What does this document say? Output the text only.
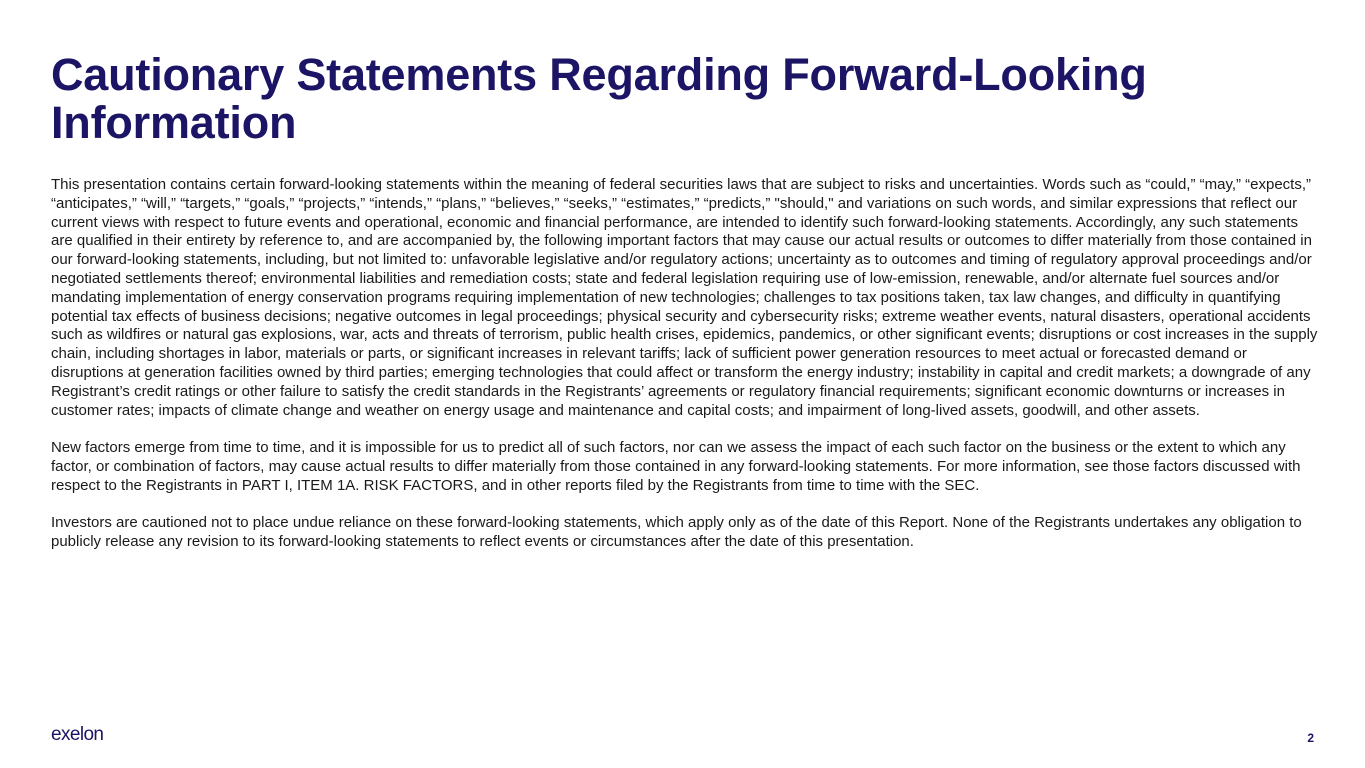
Cautionary Statements Regarding Forward-Looking Information

This presentation contains certain forward-looking statements within the meaning of federal securities laws that are subject to risks and uncertainties. Words such as “could,” “may,” “expects,” “anticipates,” “will,” “targets,” “goals,” “projects,” “intends,” “plans,” “believes,” “seeks,” “estimates,” “predicts,” "should," and variations on such words, and similar expressions that reflect our current views with respect to future events and operational, economic and financial performance, are intended to identify such forward-looking statements. Accordingly, any such statements are qualified in their entirety by reference to, and are accompanied by, the following important factors that may cause our actual results or outcomes to differ materially from those contained in our forward-looking statements, including, but not limited to: unfavorable legislative and/or regulatory actions; uncertainty as to outcomes and timing of regulatory approval proceedings and/or negotiated settlements thereof; environmental liabilities and remediation costs; state and federal legislation requiring use of low-emission, renewable, and/or alternate fuel sources and/or mandating implementation of energy conservation programs requiring implementation of new technologies; challenges to tax positions taken, tax law changes, and difficulty in quantifying potential tax effects of business decisions; negative outcomes in legal proceedings; physical security and cybersecurity risks; extreme weather events, natural disasters, operational accidents such as wildfires or natural gas explosions, war, acts and threats of terrorism, public health crises, epidemics, pandemics, or other significant events; disruptions or cost increases in the supply chain, including shortages in labor, materials or parts, or significant increases in relevant tariffs; lack of sufficient power generation resources to meet actual or forecasted demand or disruptions at generation facilities owned by third parties; emerging technologies that could affect or transform the energy industry; instability in capital and credit markets; a downgrade of any Registrant’s credit ratings or other failure to satisfy the credit standards in the Registrants’ agreements or regulatory financial requirements; significant economic downturns or increases in customer rates; impacts of climate change and weather on energy usage and maintenance and capital costs; and impairment of long-lived assets, goodwill, and other assets.

New factors emerge from time to time, and it is impossible for us to predict all of such factors, nor can we assess the impact of each such factor on the business or the extent to which any factor, or combination of factors, may cause actual results to differ materially from those contained in any forward-looking statements. For more information, see those factors discussed with respect to the Registrants in PART I, ITEM 1A. RISK FACTORS, and in other reports filed by the Registrants from time to time with the SEC.

Investors are cautioned not to place undue reliance on these forward-looking statements, which apply only as of the date of this Report. None of the Registrants undertakes any obligation to publicly release any revision to its forward-looking statements to reflect events or circumstances after the date of this presentation.

exelon	2
